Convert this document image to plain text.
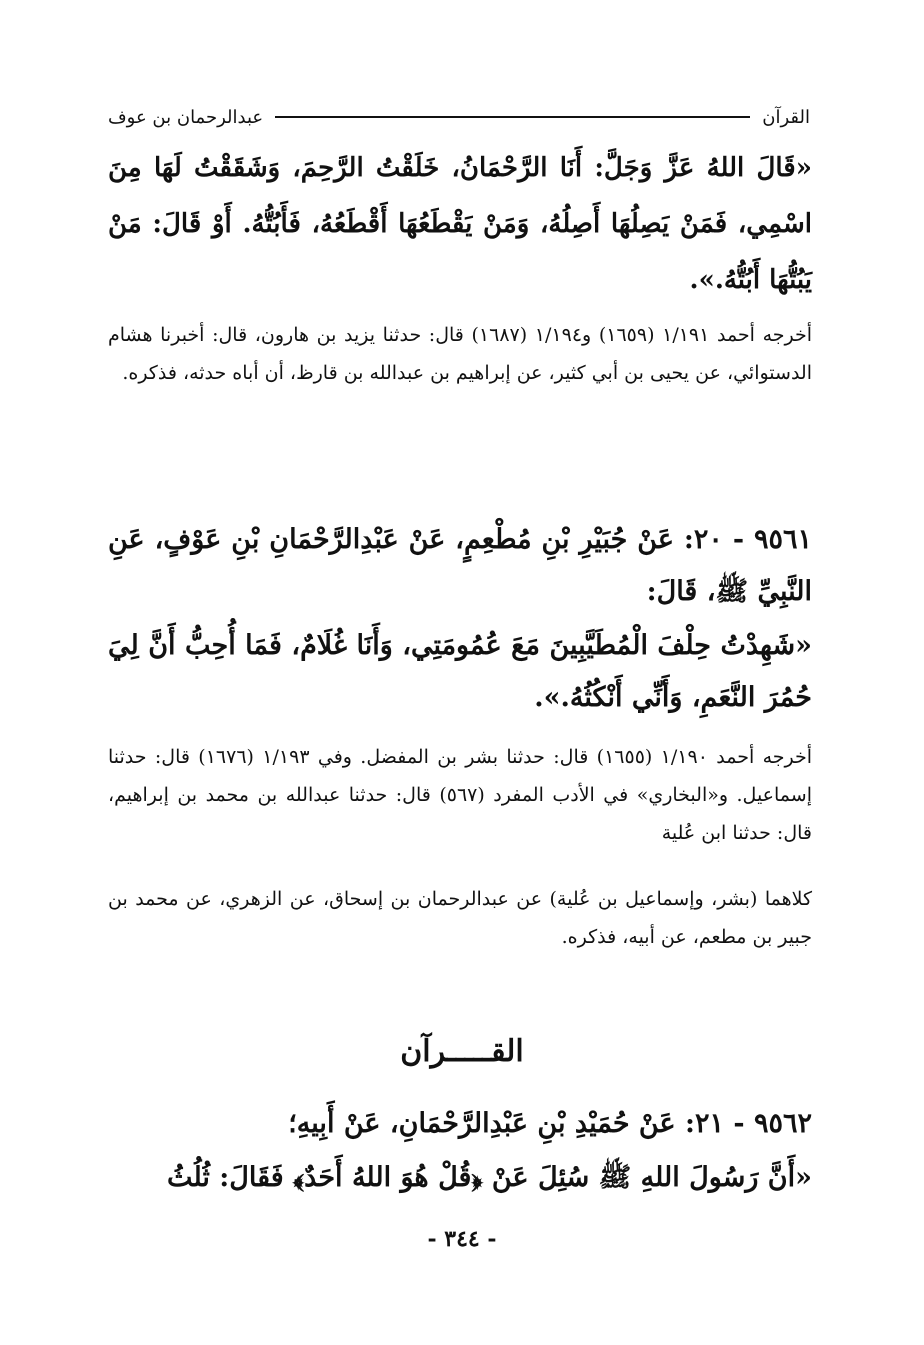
القرآن
عبدالرحمان بن عوف

«قَالَ اللهُ عَزَّ وَجَلَّ: أَنَا الرَّحْمَانُ، خَلَقْتُ الرَّحِمَ، وَشَقَقْتُ لَهَا مِنَ اسْمِي، فَمَنْ يَصِلُهَا أَصِلُهُ، وَمَنْ يَقْطَعُهَا أَقْطَعُهُ، فَأَبُتُّهُ. أَوْ قَالَ: مَنْ يَبُتُّهَا أَبُتُّهُ.».

أخرجه أحمد ١/١٩١ (١٦٥٩) و١/١٩٤ (١٦٨٧) قال: حدثنا يزيد بن هارون، قال: أخبرنا هشام الدستوائي، عن يحيى بن أبي كثير، عن إبراهيم بن عبدالله بن قارظ، أن أباه حدثه، فذكره.

٩٥٦١ - ٢٠: عَنْ جُبَيْرِ بْنِ مُطْعِمٍ، عَنْ عَبْدِالرَّحْمَانِ بْنِ عَوْفٍ، عَنِ النَّبِيِّ ﷺ، قَالَ:

«شَهِدْتُ حِلْفَ الْمُطَيَّبِينَ مَعَ عُمُومَتِي، وَأَنَا غُلَامٌ، فَمَا أُحِبُّ أَنَّ لِيَ حُمُرَ النَّعَمِ، وَأَنِّي أَنْكُثُهُ.».

أخرجه أحمد ١/١٩٠ (١٦٥٥) قال: حدثنا بشر بن المفضل. وفي ١/١٩٣ (١٦٧٦) قال: حدثنا إسماعيل. و«البخاري» في الأدب المفرد (٥٦٧) قال: حدثنا عبدالله بن محمد بن إبراهيم، قال: حدثنا ابن عُلية

كلاهما (بشر، وإسماعيل بن عُلية) عن عبدالرحمان بن إسحاق، عن الزهري، عن محمد بن جبير بن مطعم، عن أبيه، فذكره.

القـــــرآن

٩٥٦٢ - ٢١: عَنْ حُمَيْدِ بْنِ عَبْدِالرَّحْمَانِ، عَنْ أَبِيهِ؛

«أَنَّ رَسُولَ اللهِ ﷺ سُئِلَ عَنْ ﴿قُلْ هُوَ اللهُ أَحَدٌ﴾ فَقَالَ: ثُلُثُ

- ٣٤٤ -
